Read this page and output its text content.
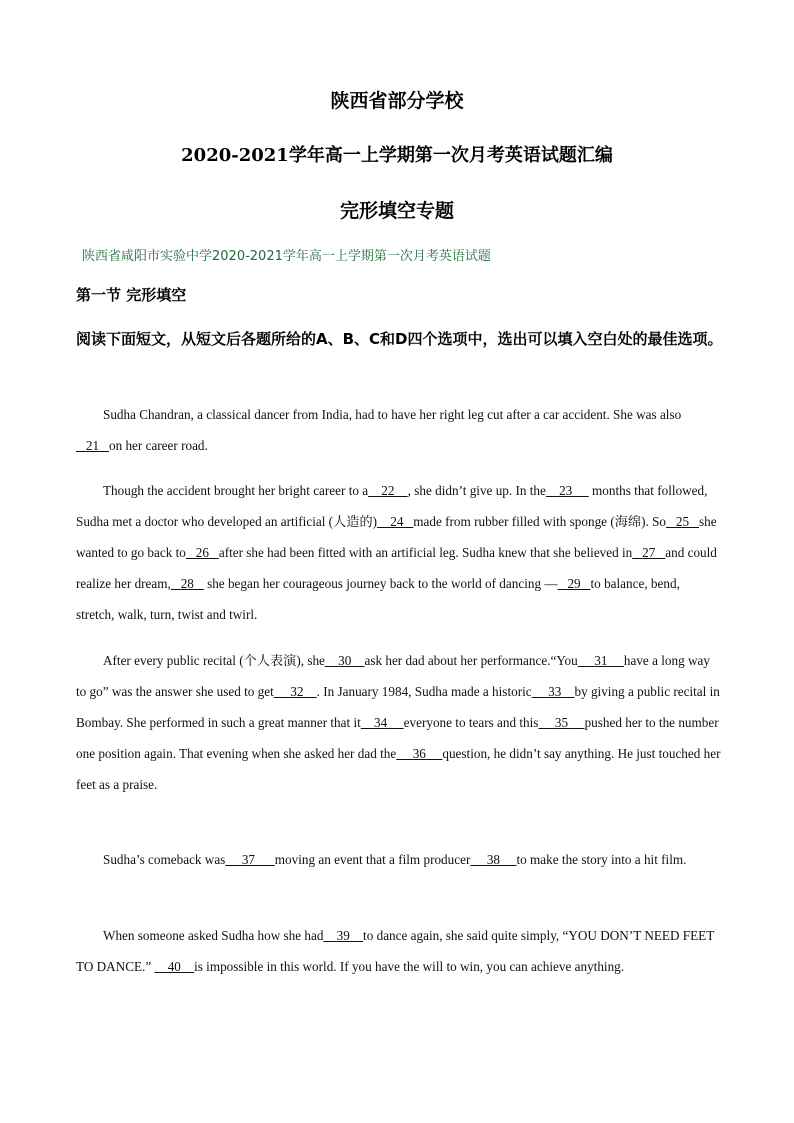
陕西省部分学校
2020-2021学年高一上学期第一次月考英语试题汇编
完形填空专题
陕西省咸阳市实验中学2020-2021学年高一上学期第一次月考英语试题
第一节 完形填空
阅读下面短文，从短文后各题所给的A、B、C和D四个选项中，选出可以填入空白处的最佳选项。
Sudha Chandran, a classical dancer from India, had to have her right leg cut after a car accident. She was also   21 on her career road.
Though the accident brought her bright career to a 22 , she didn’t give up. In the 23 months that followed, Sudha met a doctor who developed an artificial (人造的) 24 made from rubber filled with sponge (海绵). So 25 she wanted to go back to 26 after she had been fitted with an artificial leg. Sudha knew that she believed in 27 and could realize her dream, 28 she began her courageous journey back to the world of dancing — 29 to balance, bend, stretch, walk, turn, twist and twirl.
After every public recital (个人表演), she 30 ask her dad about her performance.“You 31 have a long way to go” was the answer she used to get 32 . In January 1984, Sudha made a historic 33 by giving a public recital in Bombay. She performed in such a great manner that it 34 everyone to tears and this 35 pushed her to the number one position again. That evening when she asked her dad the 36 question, he didn’t say anything. He just touched her feet as a praise.
Sudha’s comeback was 37 moving an event that a film producer 38 to make the story into a hit film.
When someone asked Sudha how she had 39 to dance again, she said quite simply, “YOU DON’T NEED FEET TO DANCE.” 40 is impossible in this world. If you have the will to win, you can achieve anything.
